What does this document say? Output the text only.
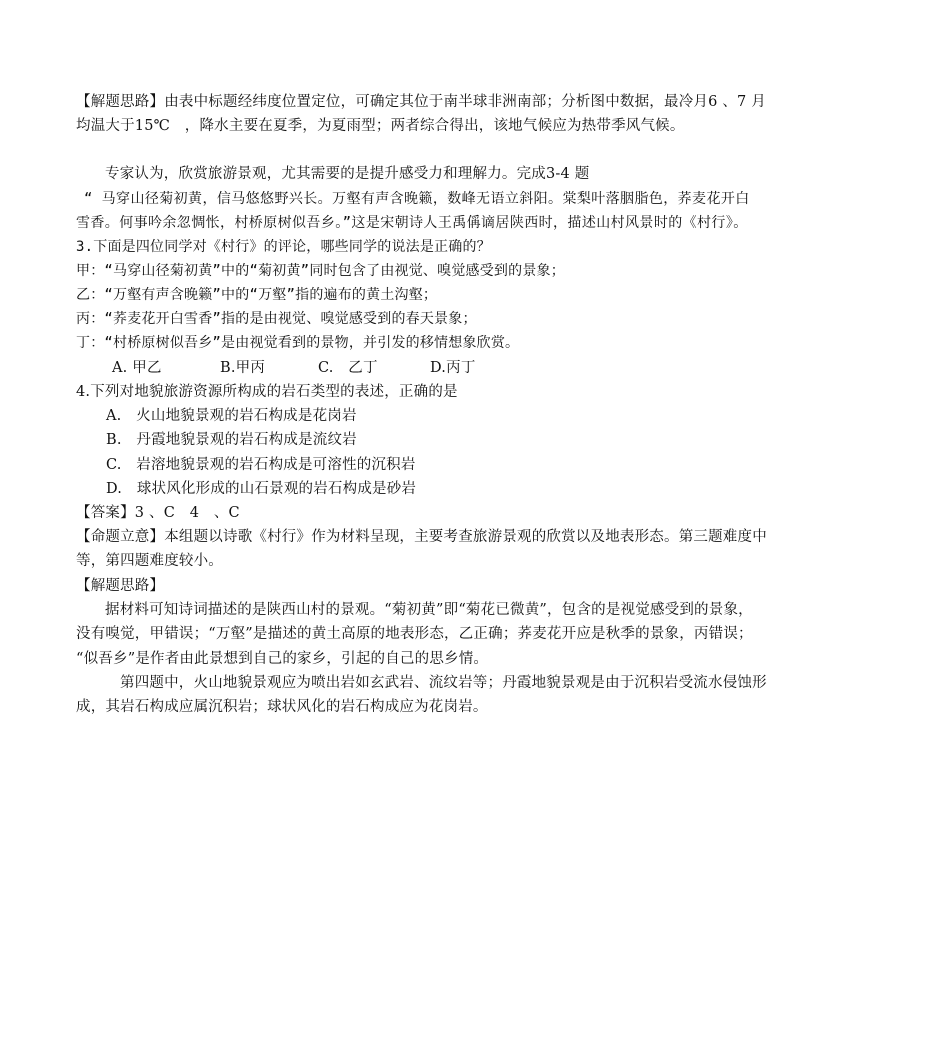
【解题思路】由表中标题经纬度位置定位，可确定其位于南半球非洲南部；分析图中数据，最冷月6 、7 月
均温大于15℃　，降水主要在夏季，为夏雨型；两者综合得出，该地气候应为热带季风气候。
专家认为，欣赏旅游景观，尤其需要的是提升感受力和理解力。完成3-4 题
“ 马穿山径菊初黄，信马悠悠野兴长。万壑有声含晚籁，数峰无语立斜阳。棠梨叶落胭脂色，荞麦花开白
雪香。何事吟余忽惆怅，村桥原树似吾乡。”这是宋朝诗人王禹偁谪居陕西时，描述山村风景时的《村行》。
3.下面是四位同学对《村行》的评论，哪些同学的说法是正确的？
甲：“马穿山径菊初黄”中的“菊初黄”同时包含了由视觉、嗅觉感受到的景象；
乙：“万壑有声含晚籁”中的“万壑”指的遍布的黄土沟壑；
丙：“荞麦花开白雪香”指的是由视觉、嗅觉感受到的春天景象；
丁：“村桥原树似吾乡”是由视觉看到的景物，并引发的移情想象欣赏。
A. 甲乙	B.甲丙	C.　乙丁	D.丙丁
4.下列对地貌旅游资源所构成的岩石类型的表述，正确的是
A.　火山地貌景观的岩石构成是花岗岩
B.　丹霞地貌景观的岩石构成是流纹岩
C.　岩溶地貌景观的岩石构成是可溶性的沉积岩
D.　球状风化形成的山石景观的岩石构成是砂岩
【答案】3 、C　4　、C
【命题立意】本组题以诗歌《村行》作为材料呈现，主要考查旅游景观的欣赏以及地表形态。第三题难度中
等，第四题难度较小。
【解题思路】
据材料可知诗词描述的是陕西山村的景观。“菊初黄”即“菊花已微黄”，包含的是视觉感受到的景象，
没有嗅觉，甲错误；“万壑”是描述的黄土高原的地表形态，乙正确；荞麦花开应是秋季的景象，丙错误；
“似吾乡”是作者由此景想到自己的家乡，引起的自己的思乡情。
第四题中，火山地貌景观应为喷出岩如玄武岩、流纹岩等；丹霞地貌景观是由于沉积岩受流水侵蚀形
成，其岩石构成应属沉积岩；球状风化的岩石构成应为花岗岩。
